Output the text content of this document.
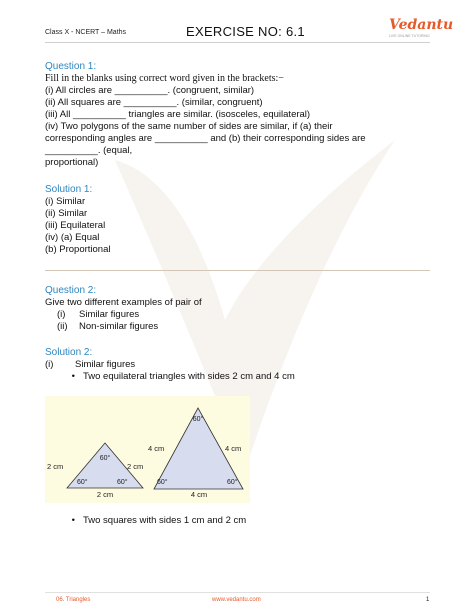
Class X - NCERT – Maths	EXERCISE NO: 6.1	Vedantu
LIVE ONLINE TUTORING
Question 1:
Fill in the blanks using correct word given in the brackets:−
(i) All circles are __________. (congruent, similar)
(ii) All squares are __________. (similar, congruent)
(iii) All __________ triangles are similar. (isosceles, equilateral)
(iv) Two polygons of the same number of sides are similar, if (a) their
corresponding angles are __________ and (b) their corresponding sides are
__________. (equal,
proportional)
Solution 1:
(i) Similar
(ii) Similar
(iii) Equilateral
(iv) (a) Equal
(b) Proportional
Question 2:
Give two different examples of pair of
(i) Similar figures
(ii) Non-similar figures
Solution 2:
(i) Similar figures
• Two equilateral triangles with sides 2 cm and 4 cm
60°
60°	60°
2 cm	2 cm
2 cm
60°
60°	60°
4 cm	4 cm
4 cm
• Two squares with sides 1 cm and 2 cm
06. Triangles	www.vedantu.com	1
